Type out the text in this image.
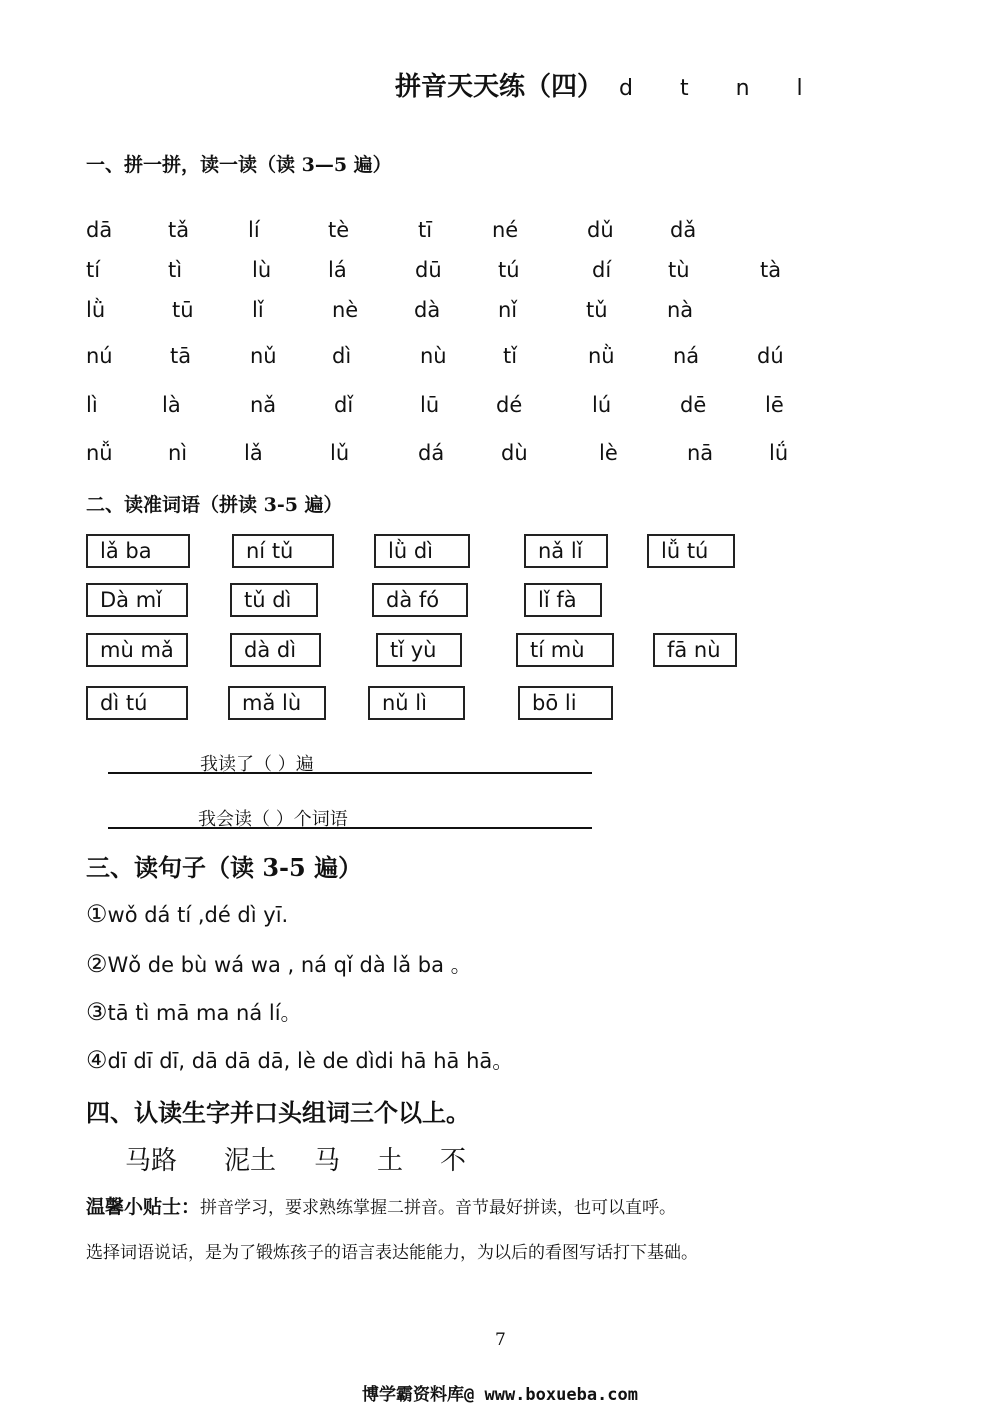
拼音天天练（四） d t n l
一、拼一拼，读一读（读 3—5 遍）
dā	tǎ	lí	tè	tī	né	dǔ	dǎ
tí	tì	lù	lá	dū	tú	dí	tù	tà
lǜ	tū	lǐ	nè	dà	nǐ	tǔ	nà
nú	tā	nǔ	dì	nù	tǐ	nǜ	ná	dú
lì	là	nǎ	dǐ	lū	dé	lú	dē	lē
nǚ	nì	lǎ	lǔ	dá	dù	lè	nā	lǘ
二、读准词语（拼读 3-5 遍）
lǎ ba	ní tǔ	lǜ dì	nǎ lǐ	lǚ tú
Dà mǐ	tǔ dì	dà fó	lǐ fà
mù mǎ	dà dì	tǐ yù	tí mù	fā nù
dì tú	mǎ lù	nǔ lì	bō li
我读了（ ）遍
我会读（ ）个词语
三、读句子（读 3-5 遍）
①wǒ dá tí ,dé dì yī.
②Wǒ de bù wá wa , ná qǐ dà lǎ ba 。
③tā tì mā ma ná lí。
④dī dī dī, dā dā dā, lè de dìdi hā hā hā。
四、认读生字并口头组词三个以上。
马路 泥土 马 土 不
温馨小贴士：拼音学习，要求熟练掌握二拼音。音节最好拼读，也可以直呼。
选择词语说话，是为了锻炼孩子的语言表达能能力，为以后的看图写话打下基础。
7
博学霸资料库@ www.boxueba.com
